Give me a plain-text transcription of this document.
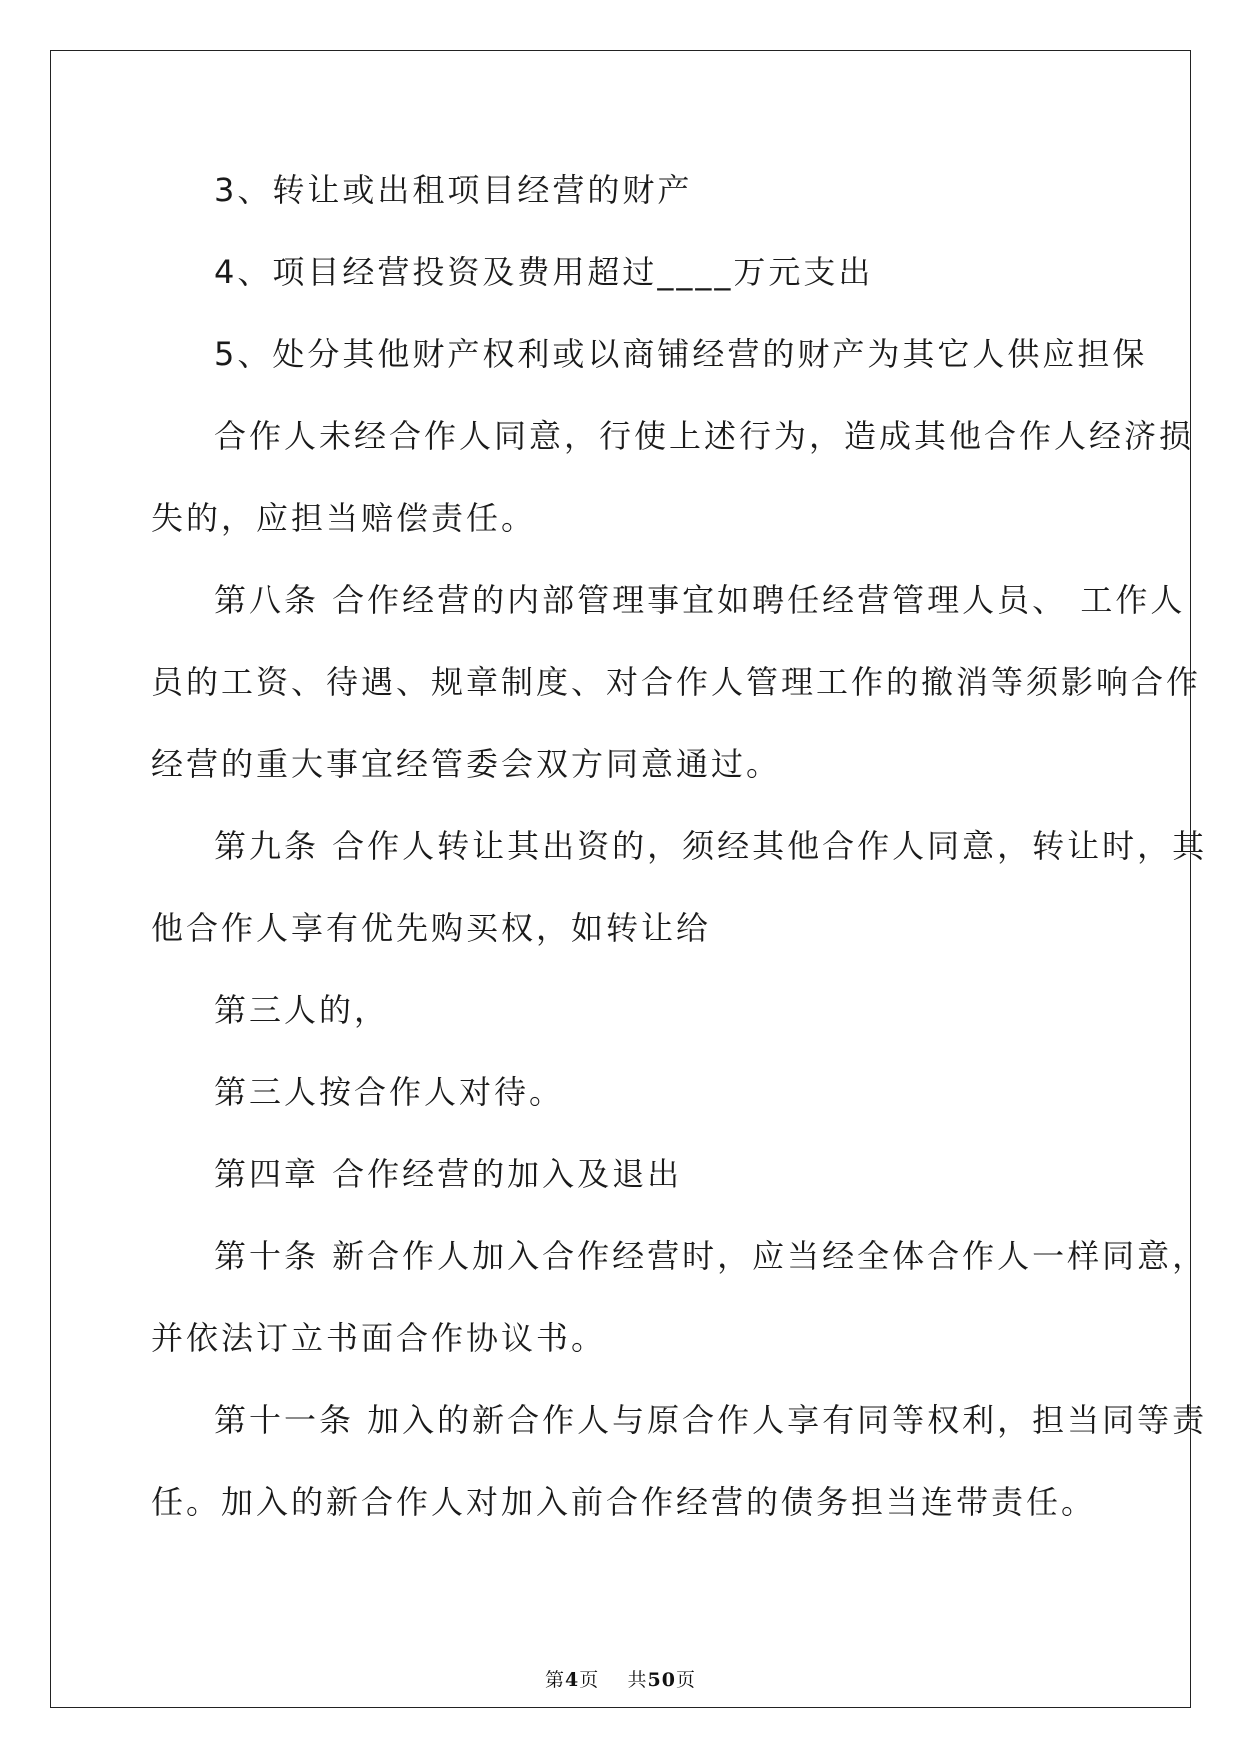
3、转让或出租项目经营的财产
4、项目经营投资及费用超过____万元支出
5、处分其他财产权利或以商铺经营的财产为其它人供应担保
合作人未经合作人同意，行使上述行为，造成其他合作人经济损
失的，应担当赔偿责任。
第八条 合作经营的内部管理事宜如聘任经营管理人员、 工作人
员的工资、待遇、规章制度、对合作人管理工作的撤消等须影响合作
经营的重大事宜经管委会双方同意通过。
第九条 合作人转让其出资的，须经其他合作人同意，转让时，其
他合作人享有优先购买权，如转让给
第三人的，
第三人按合作人对待。
第四章 合作经营的加入及退出
第十条 新合作人加入合作经营时，应当经全体合作人一样同意，
并依法订立书面合作协议书。
第十一条 加入的新合作人与原合作人享有同等权利，担当同等责
任。加入的新合作人对加入前合作经营的债务担当连带责任。
第4页 共50页
